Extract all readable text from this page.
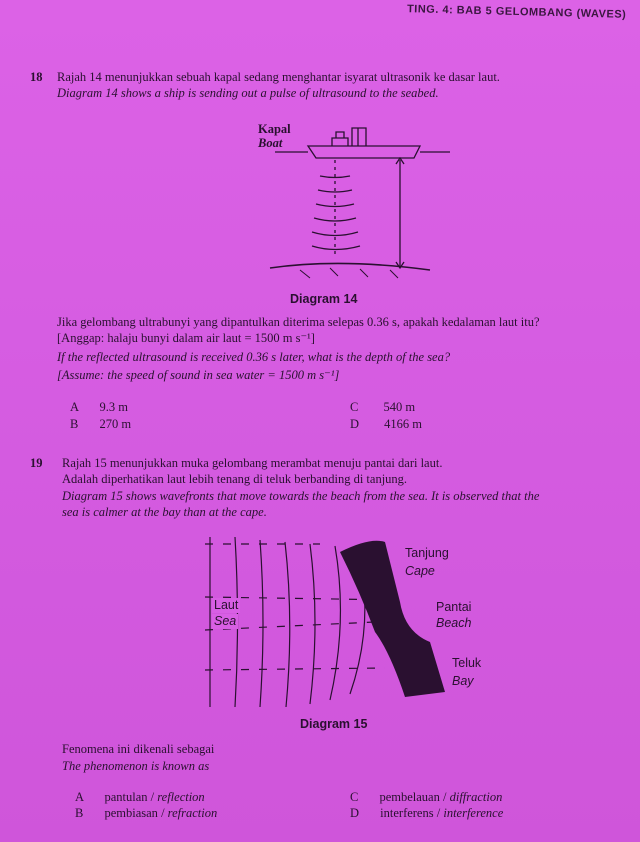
TING. 4: BAB 5 GELOMBANG (WAVES)
18 Rajah 14 menunjukkan sebuah kapal sedang menghantar isyarat ultrasonik ke dasar laut.
Diagram 14 shows a ship is sending out a pulse of ultrasound to the seabed.
Kapal
Boat
Diagram 14
Jika gelombang ultrabunyi yang dipantulkan diterima selepas 0.36 s, apakah kedalaman laut itu?
[Anggap: halaju bunyi dalam air laut = 1500 m s⁻¹]
If the reflected ultrasound is received 0.36 s later, what is the depth of the sea?
[Assume: the speed of sound in sea water = 1500 m s⁻¹]
A 9.3 m
B 270 m
C 540 m
D 4166 m
19 Rajah 15 menunjukkan muka gelombang merambat menuju pantai dari laut.
Adalah diperhatikan laut lebih tenang di teluk berbanding di tanjung.
Diagram 15 shows wavefronts that move towards the beach from the sea. It is observed that the
sea is calmer at the bay than at the cape.
Tanjung
Cape
Laut
Sea
Pantai
Beach
Teluk
Bay
Diagram 15
Fenomena ini dikenali sebagai
The phenomenon is known as
A pantulan / reflection
B pembiasan / refraction
C pembelauan / diffraction
D interferens / interference
